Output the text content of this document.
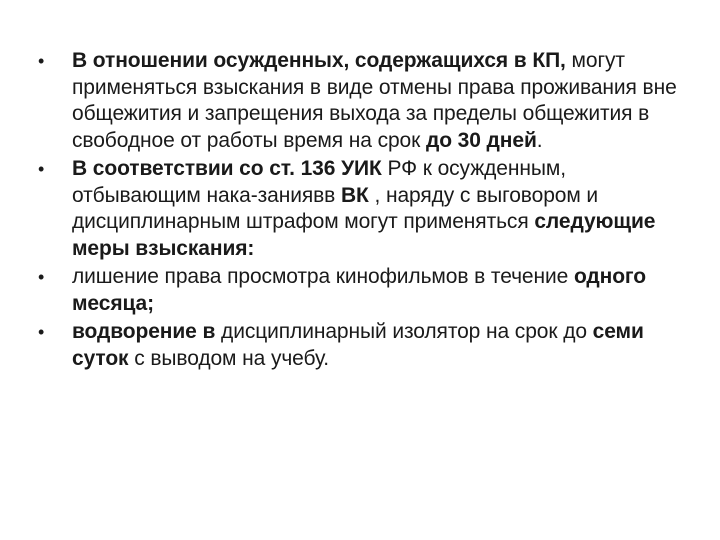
•	В отношении осужденных, содержащихся в КП, могут применяться взыскания в виде отмены права проживания вне общежития и запрещения выхода за пределы общежития в свободное от работы время на срок до 30 дней.
•	В соответствии со ст. 136 УИК РФ к осужденным, отбывающим нака-заниявв ВК , наряду с выговором и дисциплинарным штрафом могут применяться следующие меры взыскания:
•	лишение права просмотра кинофильмов в течение одного месяца;
•	водворение в дисциплинарный изолятор на срок до семи суток с выводом на учебу.
